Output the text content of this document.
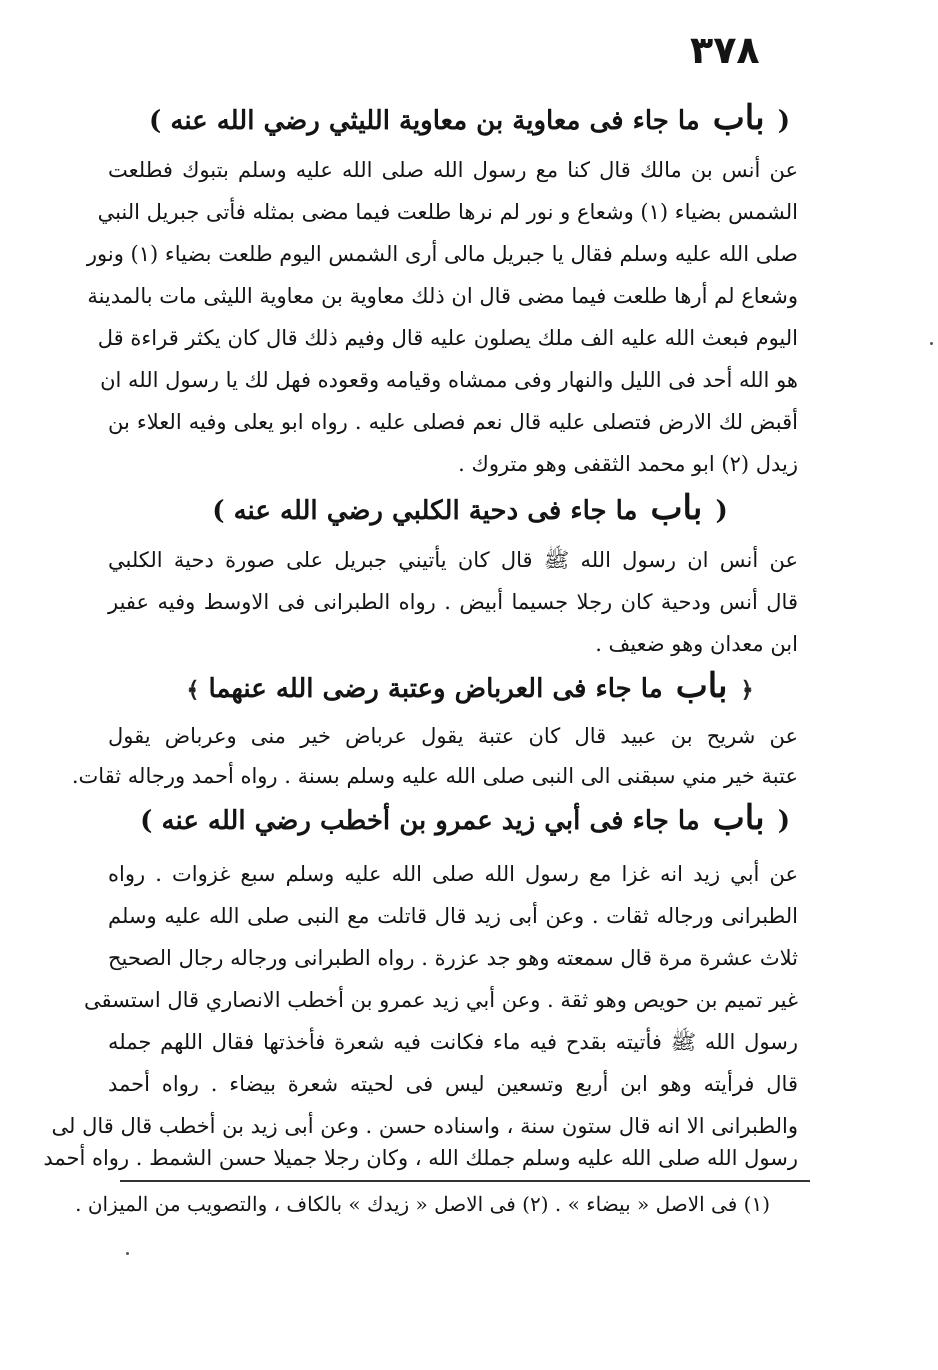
٣٧٨
( باب ما جاء فى معاوية بن معاوية الليثي رضي الله عنه )
عن أنس بن مالك قال كنا مع رسول الله صلى الله عليه وسلم بتبوك فطلعت
الشمس بضياء (١) وشعاع و نور لم نرها طلعت فيما مضى بمثله فأتى جبريل النبي
صلى الله عليه وسلم فقال يا جبريل مالى أرى الشمس اليوم طلعت بضياء (١) ونور
وشعاع لم أرها طلعت فيما مضى قال ان ذلك معاوية بن معاوية الليثى مات بالمدينة
اليوم فبعث الله عليه الف ملك يصلون عليه قال وفيم ذلك قال كان يكثر قراءة قل
هو الله أحد فى الليل والنهار وفى ممشاه وقيامه وقعوده فهل لك يا رسول الله ان
أقبض لك الارض فتصلى عليه قال نعم فصلى عليه . رواه ابو يعلى وفيه العلاء بن
زيدل (٢) ابو محمد الثقفى وهو متروك .
( باب ما جاء فى دحية الكلبي رضي الله عنه )
عن أنس ان رسول الله ﷺ قال كان يأتيني جبريل على صورة دحية الكلبي
قال أنس ودحية كان رجلا جسيما أبيض . رواه الطبرانى فى الاوسط وفيه عفير
ابن معدان وهو ضعيف .
﴿ باب ما جاء فى العرباض وعتبة رضى الله عنهما ﴾
عن شريح بن عبيد قال كان عتبة يقول عرباض خير منى وعرباض يقول
عتبة خير مني سبقنى الى النبى صلى الله عليه وسلم بسنة . رواه أحمد ورجاله ثقات.
( باب ما جاء فى أبي زيد عمرو بن أخطب رضي الله عنه )
عن أبي زيد انه غزا مع رسول الله صلى الله عليه وسلم سبع غزوات . رواه
الطبرانى ورجاله ثقات . وعن أبى زيد قال قاتلت مع النبى صلى الله عليه وسلم
ثلاث عشرة مرة قال سمعته وهو جد عزرة . رواه الطبرانى ورجاله رجال الصحيح
غير تميم بن حويص وهو ثقة . وعن أبي زيد عمرو بن أخطب الانصاري قال استسقى
رسول الله ﷺ فأتيته بقدح فيه ماء فكانت فيه شعرة فأخذتها فقال اللهم جمله
قال فرأيته وهو ابن أربع وتسعين ليس فى لحيته شعرة بيضاء . رواه أحمد
والطبرانى الا انه قال ستون سنة ، واسناده حسن . وعن أبى زيد بن أخطب قال قال لى
رسول الله صلى الله عليه وسلم جملك الله ، وكان رجلا جميلا حسن الشمط . رواه أحمد
(١) فى الاصل « بيضاء » . (٢) فى الاصل « زيدك » بالكاف ، والتصويب من الميزان .
